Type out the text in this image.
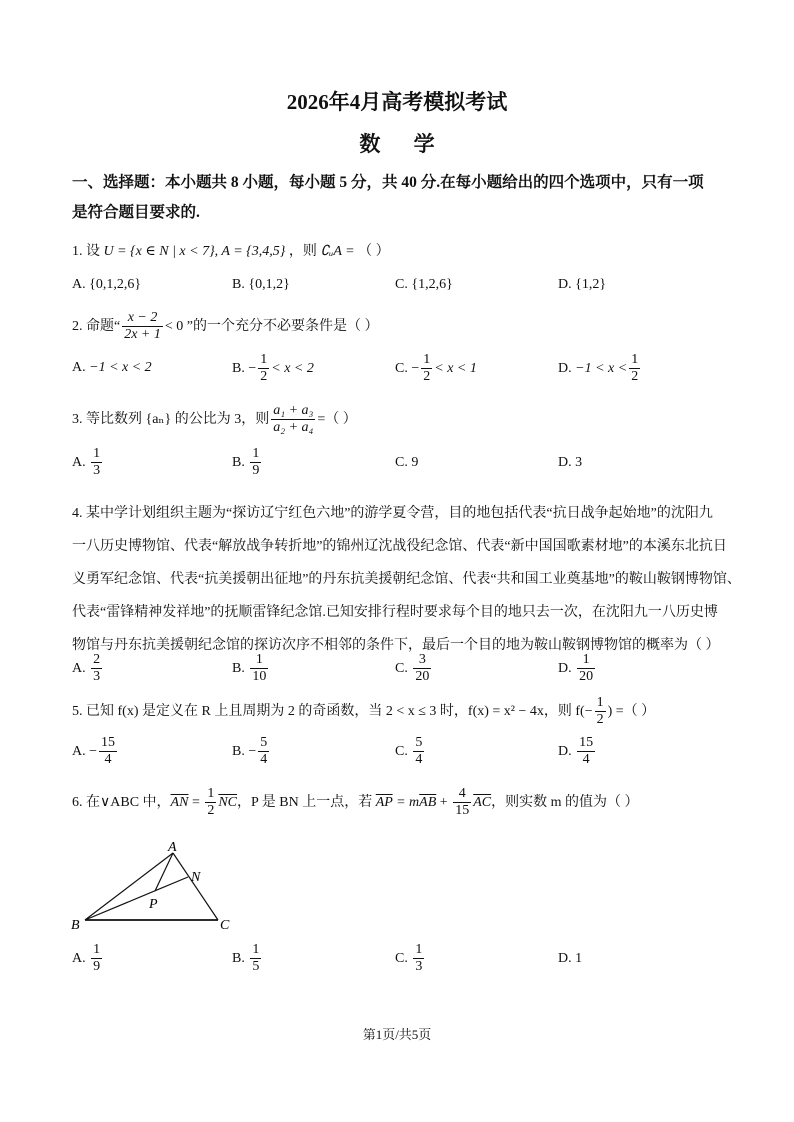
2026年4月高考模拟考试
数 学
一、选择题：本小题共 8 小题，每小题 5 分，共 40 分.在每小题给出的四个选项中，只有一项
是符合题目要求的.
1. 设 U = {x ∈ N | x < 7}, A = {3,4,5} ，则 ∁ᵤA = （ ）
A. {0,1,2,6}	B. {0,1,2}	C. {1,2,6}	D. {1,2}
2. 命题“ $\frac{x - 2}{2x + 1} < 0$ ”的一个充分不必要条件是（ ）
A. −1 < x < 2	B. − $\frac{1}{2} < x < 2$	C. − $\frac{1}{2} < x < 1$	D. $-1 < x < \frac{1}{2}$
3. 等比数列 {aₙ} 的公比为 3，则 $\frac{\text{a₁ + a₃}}{\text{a₂ + a₄}}$ =（ ）
A. $\frac{1}{3}$	B. $\frac{1}{9}$	C. 9	D. 3
4. 某中学计划组织主题为“探访辽宁红色六地”的游学夏令营，目的地包括代表“抗日战争起始地”的沈阳九
一八历史博物馆、代表“解放战争转折地”的锦州辽沈战役纪念馆、代表“新中国国歌素材地”的本溪东北抗日
义勇军纪念馆、代表“抗美援朝出征地”的丹东抗美援朝纪念馆、代表“共和国工业奠基地”的鞍山鞍钢博物馆、
代表“雷锋精神发祥地”的抚顺雷锋纪念馆.已知安排行程时要求每个目的地只去一次，在沈阳九一八历史博
物馆与丹东抗美援朝纪念馆的探访次序不相邻的条件下，最后一个目的地为鞍山鞍钢博物馆的概率为（ ）
A. $\frac{2}{3}$	B. $\frac{1}{10}$	C. $\frac{3}{20}$	D. $\frac{1}{20}$
5. 已知 f(x) 是定义在 R 上且周期为 2 的奇函数，当 2 < x ≤ 3 时，f(x) = x² − 4x，则 $f(- \frac{1}{2}$ ) =（ ）
A. − $\frac{15}{4}$	B. − $\frac{5}{4}$	C. $\frac{5}{4}$	D. $\frac{15}{4}$
6. 在∨ABC 中，$\overline{AN} = \frac{1}{2} \overline{NC}$，P 是 BN 上一点，若 $\overline{AP} = m\overline{AB} + \frac{4}{15} \overline{AC}$，则实数 m 的值为（ ）
A
N
P
B	C
A. $\frac{1}{9}$	B. $\frac{1}{5}$	C. $\frac{1}{3}$	D. 1
第1页/共5页
